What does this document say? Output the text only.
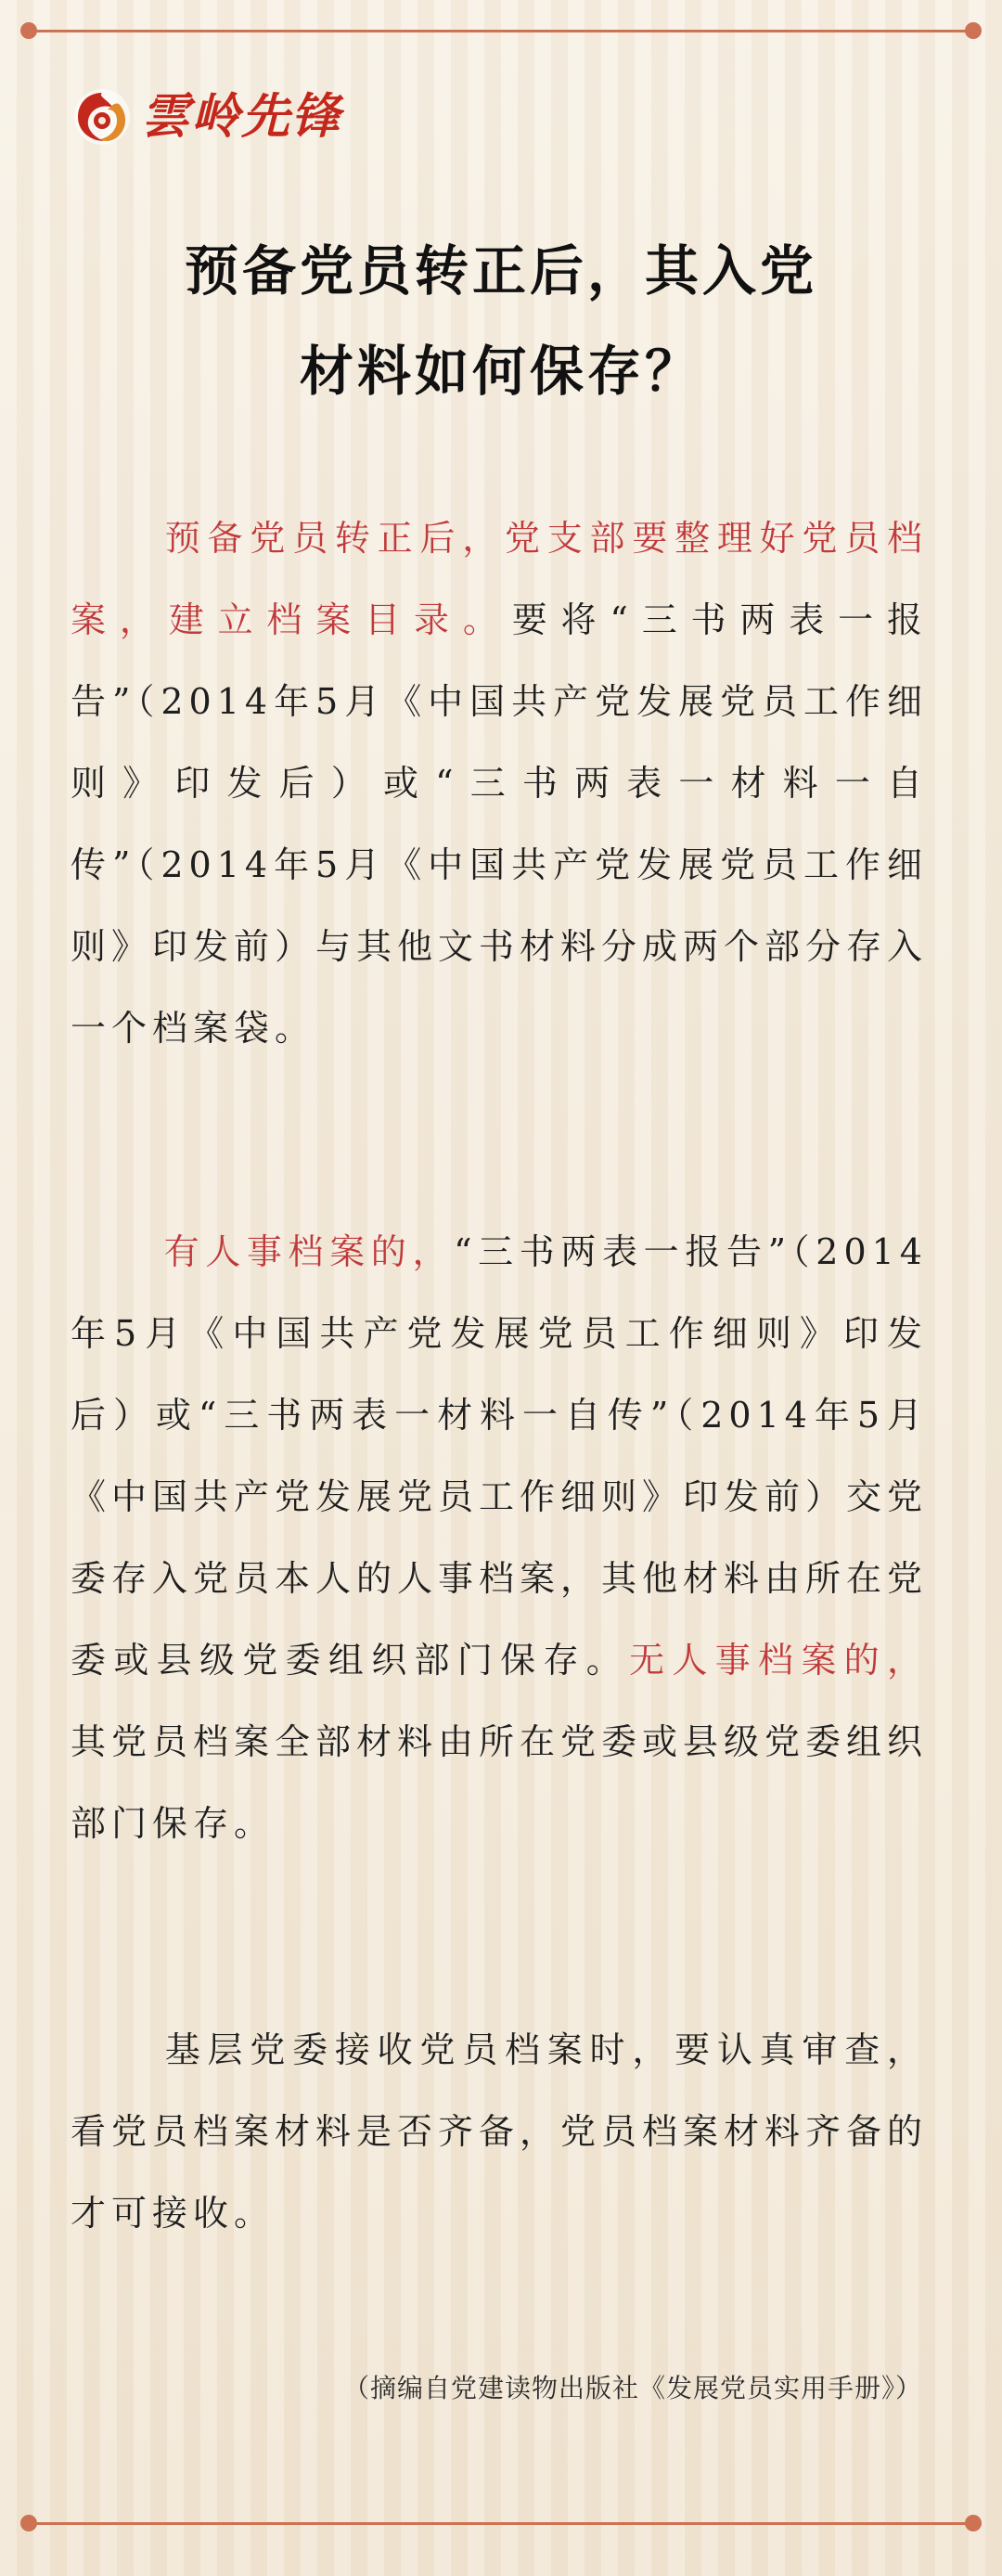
雲岭先锋
预备党员转正后，其入党
材料如何保存？
预备党员转正后，党支部要整理好党员档案，建立档案目录。要将“三书两表一报告”（2014年5月《中国共产党发展党员工作细则》印发后）或“三书两表一材料一自传”（2014年5月《中国共产党发展党员工作细则》印发前）与其他文书材料分成两个部分存入一个档案袋。
有人事档案的，“三书两表一报告”（2014年5月《中国共产党发展党员工作细则》印发后）或“三书两表一材料一自传”（2014年5月《中国共产党发展党员工作细则》印发前）交党委存入党员本人的人事档案，其他材料由所在党委或县级党委组织部门保存。无人事档案的，其党员档案全部材料由所在党委或县级党委组织部门保存。
基层党委接收党员档案时，要认真审查，看党员档案材料是否齐备，党员档案材料齐备的才可接收。
（摘编自党建读物出版社《发展党员实用手册》）
